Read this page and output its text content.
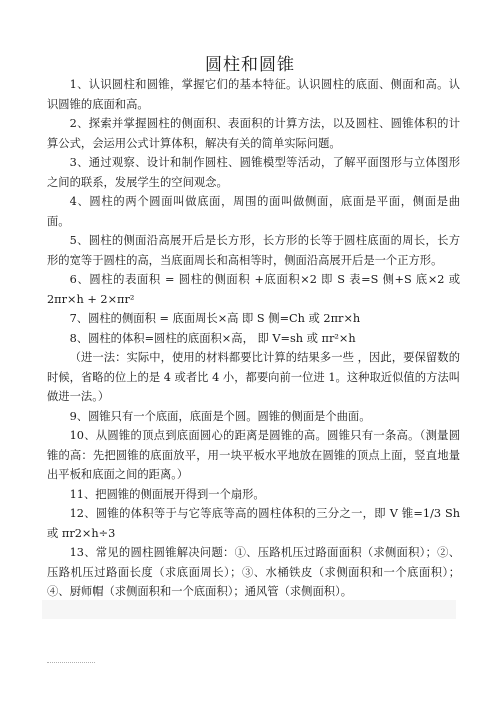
圆柱和圆锥

1、认识圆柱和圆锥，掌握它们的基本特征。认识圆柱的底面、侧面和高。认识圆锥的底面和高。

2、探索并掌握圆柱的侧面积、表面积的计算方法，以及圆柱、圆锥体积的计算公式，会运用公式计算体积，解决有关的简单实际问题。

3、通过观察、设计和制作圆柱、圆锥模型等活动，了解平面图形与立体图形之间的联系，发展学生的空间观念。

4、圆柱的两个圆面叫做底面，周围的面叫做侧面，底面是平面，侧面是曲面。

5、圆柱的侧面沿高展开后是长方形，长方形的长等于圆柱底面的周长，长方形的宽等于圆柱的高，当底面周长和高相等时，侧面沿高展开后是一个正方形。

6、圆柱的表面积 = 圆柱的侧面积 +底面积×2 即 S 表=S 侧+S 底×2 或 2πr×h + 2×πr²

7、圆柱的侧面积 = 底面周长×高 即 S 侧=Ch 或 2πr×h

8、圆柱的体积=圆柱的底面积×高， 即 V=sh 或 πr²×h

（进一法：实际中，使用的材料都要比计算的结果多一些 ，因此，要保留数的时候，省略的位上的是 4 或者比 4 小，都要向前一位进 1。这种取近似值的方法叫做进一法。）

9、圆锥只有一个底面，底面是个圆。圆锥的侧面是个曲面。

10、从圆锥的顶点到底面圆心的距离是圆锥的高。圆锥只有一条高。（测量圆锥的高：先把圆锥的底面放平，用一块平板水平地放在圆锥的顶点上面，竖直地量出平板和底面之间的距离。）

11、把圆锥的侧面展开得到一个扇形。

12、圆锥的体积等于与它等底等高的圆柱体积的三分之一，即 V 锥=1/3 Sh 或 πr2×h÷3

13、常见的圆柱圆锥解决问题：①、压路机压过路面面积（求侧面积）；②、压路机压过路面长度（求底面周长）；③、水桶铁皮（求侧面积和一个底面积）；④、厨师帽（求侧面积和一个底面积）；通风管（求侧面积）。
